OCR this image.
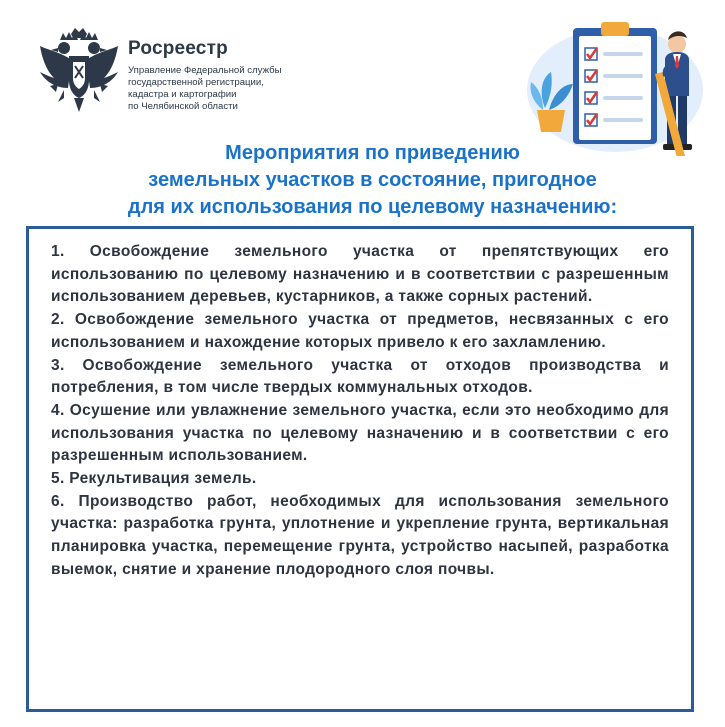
Росреестр
Управление Федеральной службы
государственной регистрации,
кадастра и картографии
по Челябинской области
Мероприятия по приведению
земельных участков в состояние, пригодное
для их использования по целевому назначению:
1. Освобождение земельного участка от препятствующих его использованию по целевому назначению и в соответствии с разрешенным использованием деревьев, кустарников, а также сорных растений.
2. Освобождение земельного участка от предметов, несвязанных с его использованием и нахождение которых привело к его захламлению.
3. Освобождение земельного участка от отходов производства и потребления, в том числе твердых коммунальных отходов.
4. Осушение или увлажнение земельного участка, если это необходимо для использования участка по целевому назначению и в соответствии с его разрешенным использованием.
5. Рекультивация земель.
6. Производство работ, необходимых для использования земельного участка: разработка грунта, уплотнение и укрепление грунта, вертикальная планировка участка, перемещение грунта, устройство насыпей, разработка выемок, снятие и хранение плодородного слоя почвы.
